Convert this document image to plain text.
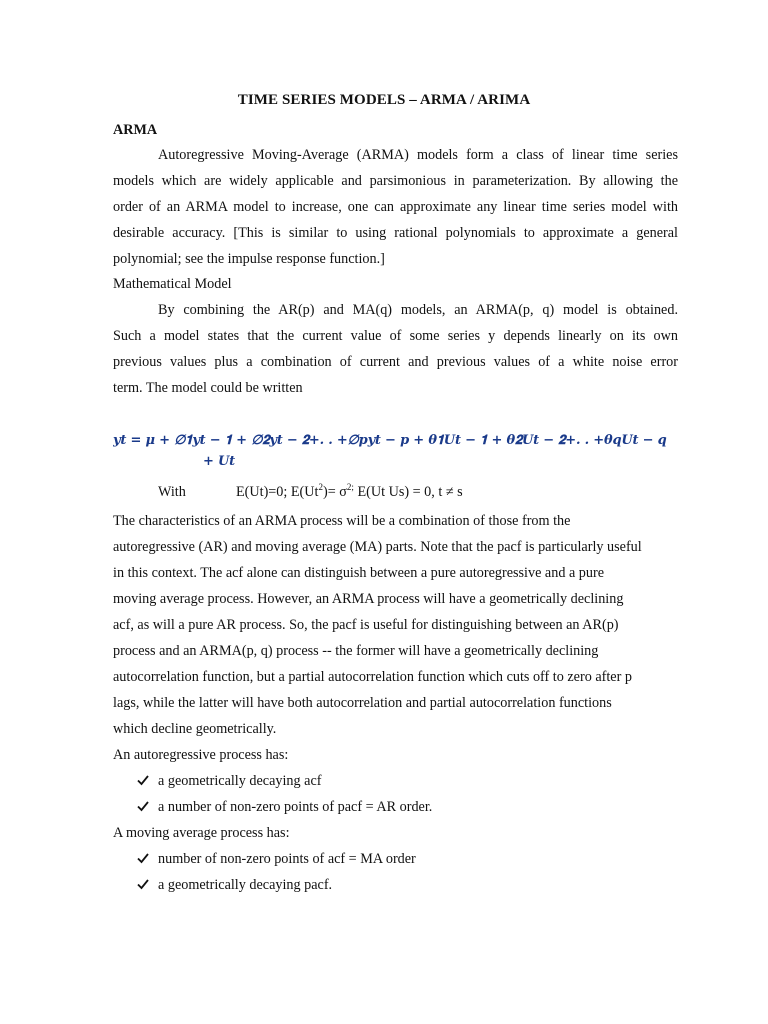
TIME SERIES MODELS – ARMA / ARIMA
ARMA
Autoregressive Moving-Average (ARMA) models form a class of linear time series
models which are widely applicable and parsimonious in parameterization. By allowing the
order of an ARMA model to increase, one can approximate any linear time series model with
desirable accuracy. [This is similar to using rational polynomials to approximate a general
polynomial; see the impulse response function.]
Mathematical Model
By combining the AR(p) and MA(q) models, an ARMA(p, q) model is obtained.
Such a model states that the current value of some series y depends linearly on its own
previous values plus a combination of current and previous values of a white noise error
term. The model could be written
𝒚𝒕 = 𝝁 + ∅𝟏𝒚𝒕 − 𝟏 + ∅𝟐𝒚𝒕 − 𝟐+. . +∅𝒑𝒚𝒕 − 𝒑 + 𝜽𝟏𝑼𝒕 − 𝟏 + 𝜽𝟐𝑼𝒕 − 𝟐+. . +𝜽𝒒𝑼𝒕 − 𝒒
+ 𝑼𝒕
With	E(Ut)=0; $E(Ut^2)= \sigma^{2;}$ E(Ut Us) = 0, t ≠ s
The characteristics of an ARMA process will be a combination of those from the
autoregressive (AR) and moving average (MA) parts. Note that the pacf is particularly useful
in this context. The acf alone can distinguish between a pure autoregressive and a pure
moving average process. However, an ARMA process will have a geometrically declining
acf, as will a pure AR process. So, the pacf is useful for distinguishing between an AR(p)
process and an ARMA(p, q) process -- the former will have a geometrically declining
autocorrelation function, but a partial autocorrelation function which cuts off to zero after p
lags, while the latter will have both autocorrelation and partial autocorrelation functions
which decline geometrically.
An autoregressive process has:
a geometrically decaying acf
a number of non-zero points of pacf = AR order.
A moving average process has:
number of non-zero points of acf = MA order
a geometrically decaying pacf.
